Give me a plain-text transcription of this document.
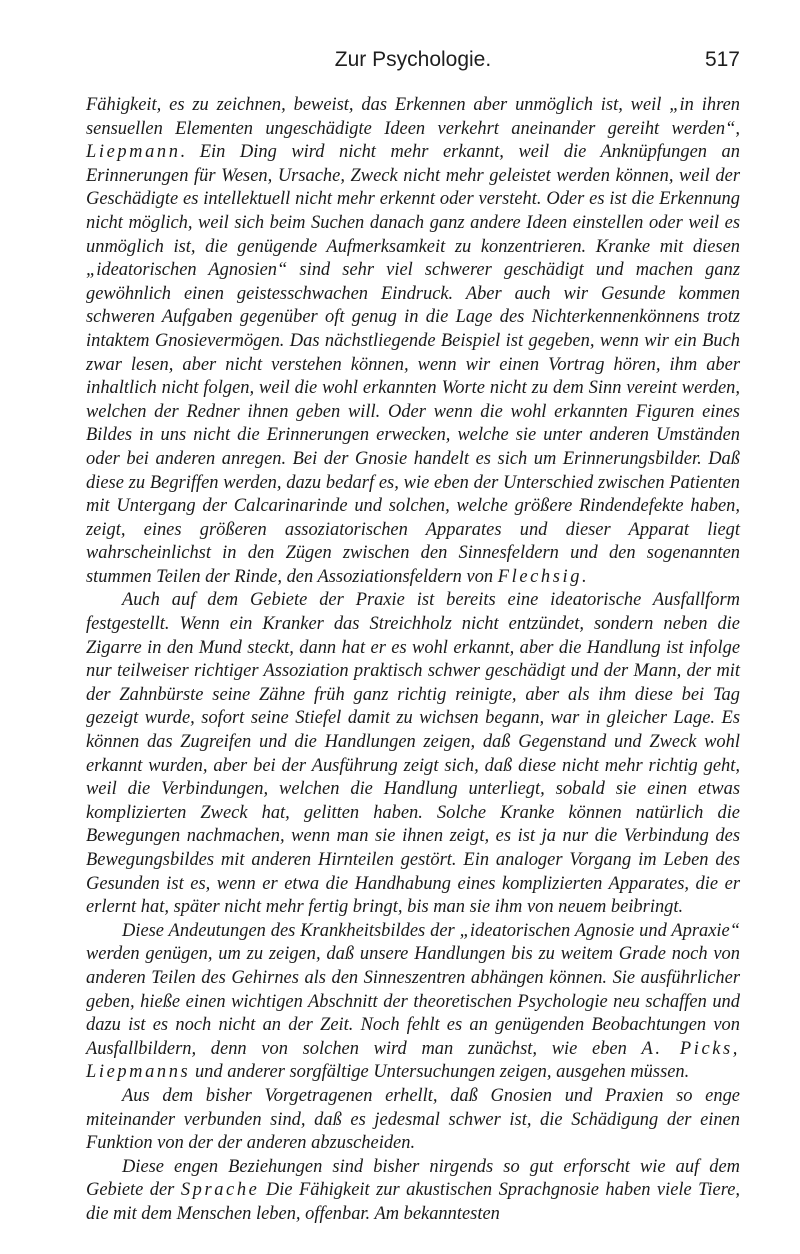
Zur Psychologie.	517

Fähigkeit, es zu zeichnen, beweist, das Erkennen aber unmöglich ist, weil „in ihren sensuellen Elementen ungeschädigte Ideen verkehrt aneinander gereiht werden“, Liepmann. Ein Ding wird nicht mehr erkannt, weil die Anknüpfungen an Erinnerungen für Wesen, Ursache, Zweck nicht mehr geleistet werden können, weil der Geschädigte es intellektuell nicht mehr erkennt oder versteht. Oder es ist die Erkennung nicht möglich, weil sich beim Suchen danach ganz andere Ideen einstellen oder weil es unmöglich ist, die genügende Aufmerksamkeit zu konzentrieren. Kranke mit diesen „ideatorischen Agnosien“ sind sehr viel schwerer geschädigt und machen ganz gewöhnlich einen geistesschwachen Eindruck. Aber auch wir Gesunde kommen schweren Aufgaben gegenüber oft genug in die Lage des Nichterkennenkönnens trotz intaktem Gnosievermögen. Das nächstliegende Beispiel ist gegeben, wenn wir ein Buch zwar lesen, aber nicht verstehen können, wenn wir einen Vortrag hören, ihm aber inhaltlich nicht folgen, weil die wohl erkannten Worte nicht zu dem Sinn vereint werden, welchen der Redner ihnen geben will. Oder wenn die wohl erkannten Figuren eines Bildes in uns nicht die Erinnerungen erwecken, welche sie unter anderen Umständen oder bei anderen anregen. Bei der Gnosie handelt es sich um Erinnerungsbilder. Daß diese zu Begriffen werden, dazu bedarf es, wie eben der Unterschied zwischen Patienten mit Untergang der Calcarinarinde und solchen, welche größere Rindendefekte haben, zeigt, eines größeren assoziatorischen Apparates und dieser Apparat liegt wahrscheinlichst in den Zügen zwischen den Sinnesfeldern und den sogenannten stummen Teilen der Rinde, den Assoziationsfeldern von Flechsig.

Auch auf dem Gebiete der Praxie ist bereits eine ideatorische Ausfallform festgestellt. Wenn ein Kranker das Streichholz nicht entzündet, sondern neben die Zigarre in den Mund steckt, dann hat er es wohl erkannt, aber die Handlung ist infolge nur teilweiser richtiger Assoziation praktisch schwer geschädigt und der Mann, der mit der Zahnbürste seine Zähne früh ganz richtig reinigte, aber als ihm diese bei Tag gezeigt wurde, sofort seine Stiefel damit zu wichsen begann, war in gleicher Lage. Es können das Zugreifen und die Handlungen zeigen, daß Gegenstand und Zweck wohl erkannt wurden, aber bei der Ausführung zeigt sich, daß diese nicht mehr richtig geht, weil die Verbindungen, welchen die Handlung unterliegt, sobald sie einen etwas komplizierten Zweck hat, gelitten haben. Solche Kranke können natürlich die Bewegungen nachmachen, wenn man sie ihnen zeigt, es ist ja nur die Verbindung des Bewegungsbildes mit anderen Hirnteilen gestört. Ein analoger Vorgang im Leben des Gesunden ist es, wenn er etwa die Handhabung eines komplizierten Apparates, die er erlernt hat, später nicht mehr fertig bringt, bis man sie ihm von neuem beibringt.

Diese Andeutungen des Krankheitsbildes der „ideatorischen Agnosie und Apraxie“ werden genügen, um zu zeigen, daß unsere Handlungen bis zu weitem Grade noch von anderen Teilen des Gehirnes als den Sinneszentren abhängen können. Sie ausführlicher geben, hieße einen wichtigen Abschnitt der theoretischen Psychologie neu schaffen und dazu ist es noch nicht an der Zeit. Noch fehlt es an genügenden Beobachtungen von Ausfallbildern, denn von solchen wird man zunächst, wie eben A. Picks, Liepmanns und anderer sorgfältige Untersuchungen zeigen, ausgehen müssen.

Aus dem bisher Vorgetragenen erhellt, daß Gnosien und Praxien so enge miteinander verbunden sind, daß es jedesmal schwer ist, die Schädigung der einen Funktion von der der anderen abzuscheiden.

Diese engen Beziehungen sind bisher nirgends so gut erforscht wie auf dem Gebiete der Sprache Die Fähigkeit zur akustischen Sprachgnosie haben viele Tiere, die mit dem Menschen leben, offenbar. Am bekanntesten
